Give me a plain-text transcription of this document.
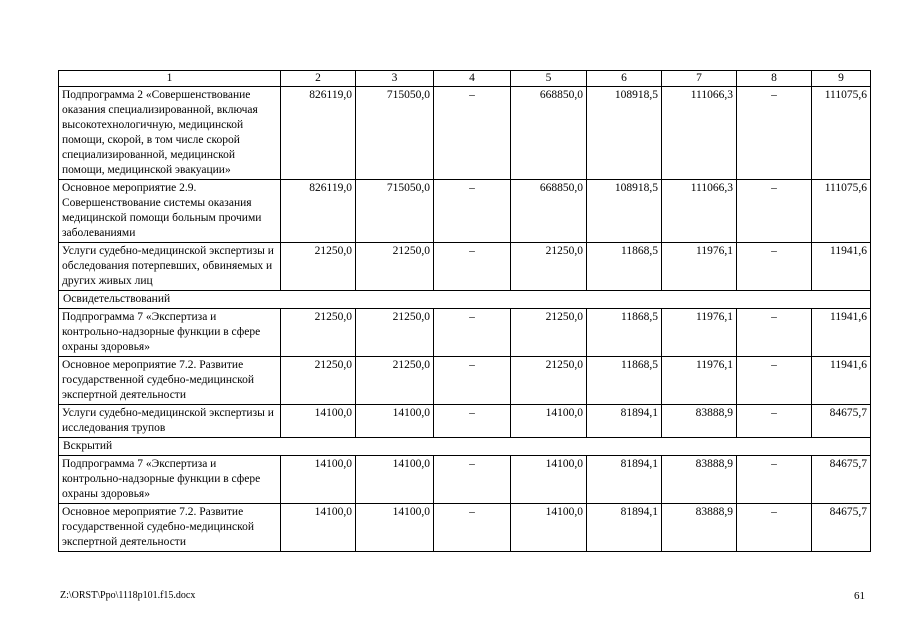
1	2	3	4	5	6	7	8	9
Подпрограмма 2 «Совершенствование оказания специализированной, включая высокотехнологичную, медицинской помощи, скорой, в том числе скорой специализированной, медицинской помощи, медицинской эвакуации»	826119,0	715050,0	–	668850,0	108918,5	111066,3	–	111075,6
Основное мероприятие 2.9. Совершенствование системы оказания медицинской помощи больным прочими заболеваниями	826119,0	715050,0	–	668850,0	108918,5	111066,3	–	111075,6
Услуги судебно-медицинской экспертизы и обследования потерпевших, обвиняемых и других живых лиц	21250,0	21250,0	–	21250,0	11868,5	11976,1	–	11941,6
Освидетельствований								
Подпрограмма 7 «Экспертиза и контрольно-надзорные функции в сфере охраны здоровья»	21250,0	21250,0	–	21250,0	11868,5	11976,1	–	11941,6
Основное мероприятие 7.2. Развитие государственной судебно-медицинской экспертной деятельности	21250,0	21250,0	–	21250,0	11868,5	11976,1	–	11941,6
Услуги судебно-медицинской экспертизы и исследования трупов	14100,0	14100,0	–	14100,0	81894,1	83888,9	–	84675,7
Вскрытий								
Подпрограмма 7 «Экспертиза и контрольно-надзорные функции в сфере охраны здоровья»	14100,0	14100,0	–	14100,0	81894,1	83888,9	–	84675,7
Основное мероприятие 7.2. Развитие государственной судебно-медицинской экспертной деятельности	14100,0	14100,0	–	14100,0	81894,1	83888,9	–	84675,7
Z:\ORST\Ppo\1118p101.f15.docx	61
